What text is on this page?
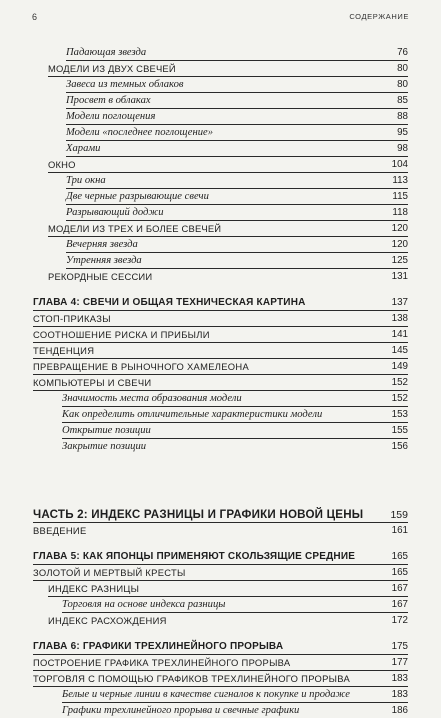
6	СОДЕРЖАНИЕ
Падающая звезда	76
МОДЕЛИ ИЗ ДВУХ СВЕЧЕЙ	80
Завеса из темных облаков	80
Просвет в облаках	85
Модели поглощения	88
Модели «последнее поглощение»	95
Харами	98
ОКНО	104
Три окна	113
Две черные разрывающие свечи	115
Разрывающий доджи	118
МОДЕЛИ ИЗ ТРЕХ И БОЛЕЕ СВЕЧЕЙ	120
Вечерняя звезда	120
Утренняя звезда	125
РЕКОРДНЫЕ СЕССИИ	131
ГЛАВА 4: СВЕЧИ И ОБЩАЯ ТЕХНИЧЕСКАЯ КАРТИНА	137
СТОП-ПРИКАЗЫ	138
СООТНОШЕНИЕ РИСКА И ПРИБЫЛИ	141
ТЕНДЕНЦИЯ	145
ПРЕВРАЩЕНИЕ В РЫНОЧНОГО ХАМЕЛЕОНА	149
КОМПЬЮТЕРЫ И СВЕЧИ	152
Значимость места образования модели	152
Как определить отличительные характеристики модели	153
Открытие позиции	155
Закрытие позиции	156
ЧАСТЬ 2: ИНДЕКС РАЗНИЦЫ И ГРАФИКИ НОВОЙ ЦЕНЫ	159
ВВЕДЕНИЕ	161
ГЛАВА 5: КАК ЯПОНЦЫ ПРИМЕНЯЮТ СКОЛЬЗЯЩИЕ СРЕДНИЕ	165
ЗОЛОТОЙ И МЕРТВЫЙ КРЕСТЫ	165
ИНДЕКС РАЗНИЦЫ	167
Торговля на основе индекса разницы	167
ИНДЕКС РАСХОЖДЕНИЯ	172
ГЛАВА 6: ГРАФИКИ ТРЕХЛИНЕЙНОГО ПРОРЫВА	175
ПОСТРОЕНИЕ ГРАФИКА ТРЕХЛИНЕЙНОГО ПРОРЫВА	177
ТОРГОВЛЯ С ПОМОЩЬЮ ГРАФИКОВ ТРЕХЛИНЕЙНОГО ПРОРЫВА	183
Белые и черные линии в качестве сигналов к покупке и продаже	183
Графики трехлинейного прорыва и свечные графики	186
